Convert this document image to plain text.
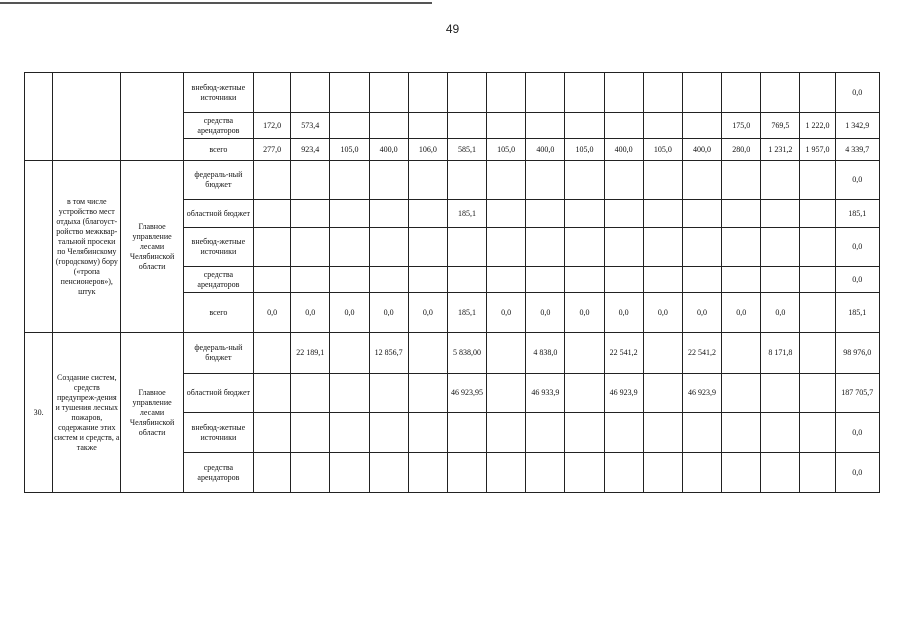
49
			внебюд-жетные источники																0,0
			средства арендаторов	172,0	573,4											175,0	769,5	1 222,0	1 342,9
			всего	277,0	923,4	105,0	400,0	106,0	585,1	105,0	400,0	105,0	400,0	105,0	400,0	280,0	1 231,2	1 957,0	4 339,7
	в том числе устройство мест отдыха (благоуст-ройство межквар-тальной просеки по Челябинскому (городскому) бору («тропа пенсионеров»), штук	Главное управление лесами Челябинской области	федераль-ный бюджет																0,0
			областной бюджет						185,1										185,1
			внебюд-жетные источники																0,0
			средства арендаторов																0,0
			всего	0,0	0,0	0,0	0,0	0,0	185,1	0,0	0,0	0,0	0,0	0,0	0,0	0,0	0,0		185,1
30.	Создание систем, средств предупреж-дения и тушения лесных пожаров, содержание этих систем и средств, а также	Главное управление лесами Челябинской области	федераль-ный бюджет		22 189,1		12 856,7		5 838,00		4 838,0		22 541,2		22 541,2		8 171,8		98 976,0
			областной бюджет						46 923,95		46 933,9		46 923,9		46 923,9				187 705,7
			внебюд-жетные источники																0,0
			средства арендаторов																0,0
